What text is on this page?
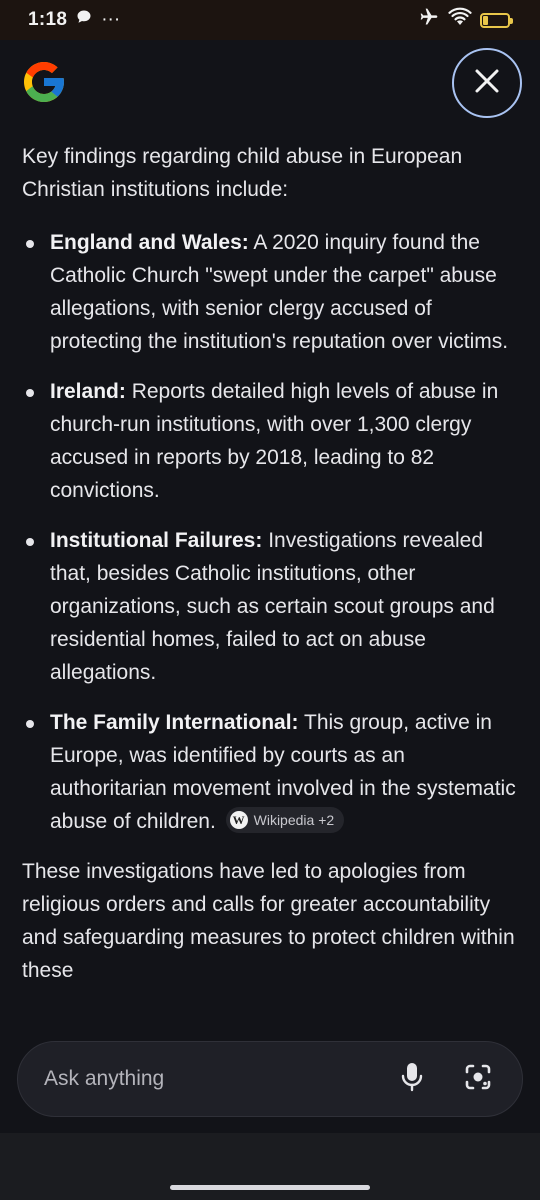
1:18 ···	20

Key findings regarding child abuse in European Christian institutions include:

England and Wales: A 2020 inquiry found the Catholic Church "swept under the carpet" abuse allegations, with senior clergy accused of protecting the institution's reputation over victims.
Ireland: Reports detailed high levels of abuse in church-run institutions, with over 1,300 clergy accused in reports by 2018, leading to 82 convictions.
Institutional Failures: Investigations revealed that, besides Catholic institutions, other organizations, such as certain scout groups and residential homes, failed to act on abuse allegations.
The Family International: This group, active in Europe, was identified by courts as an authoritarian movement involved in the systematic abuse of children. W Wikipedia +2

These investigations have led to apologies from religious orders and calls for greater accountability and safeguarding measures to protect children within these

Ask anything
